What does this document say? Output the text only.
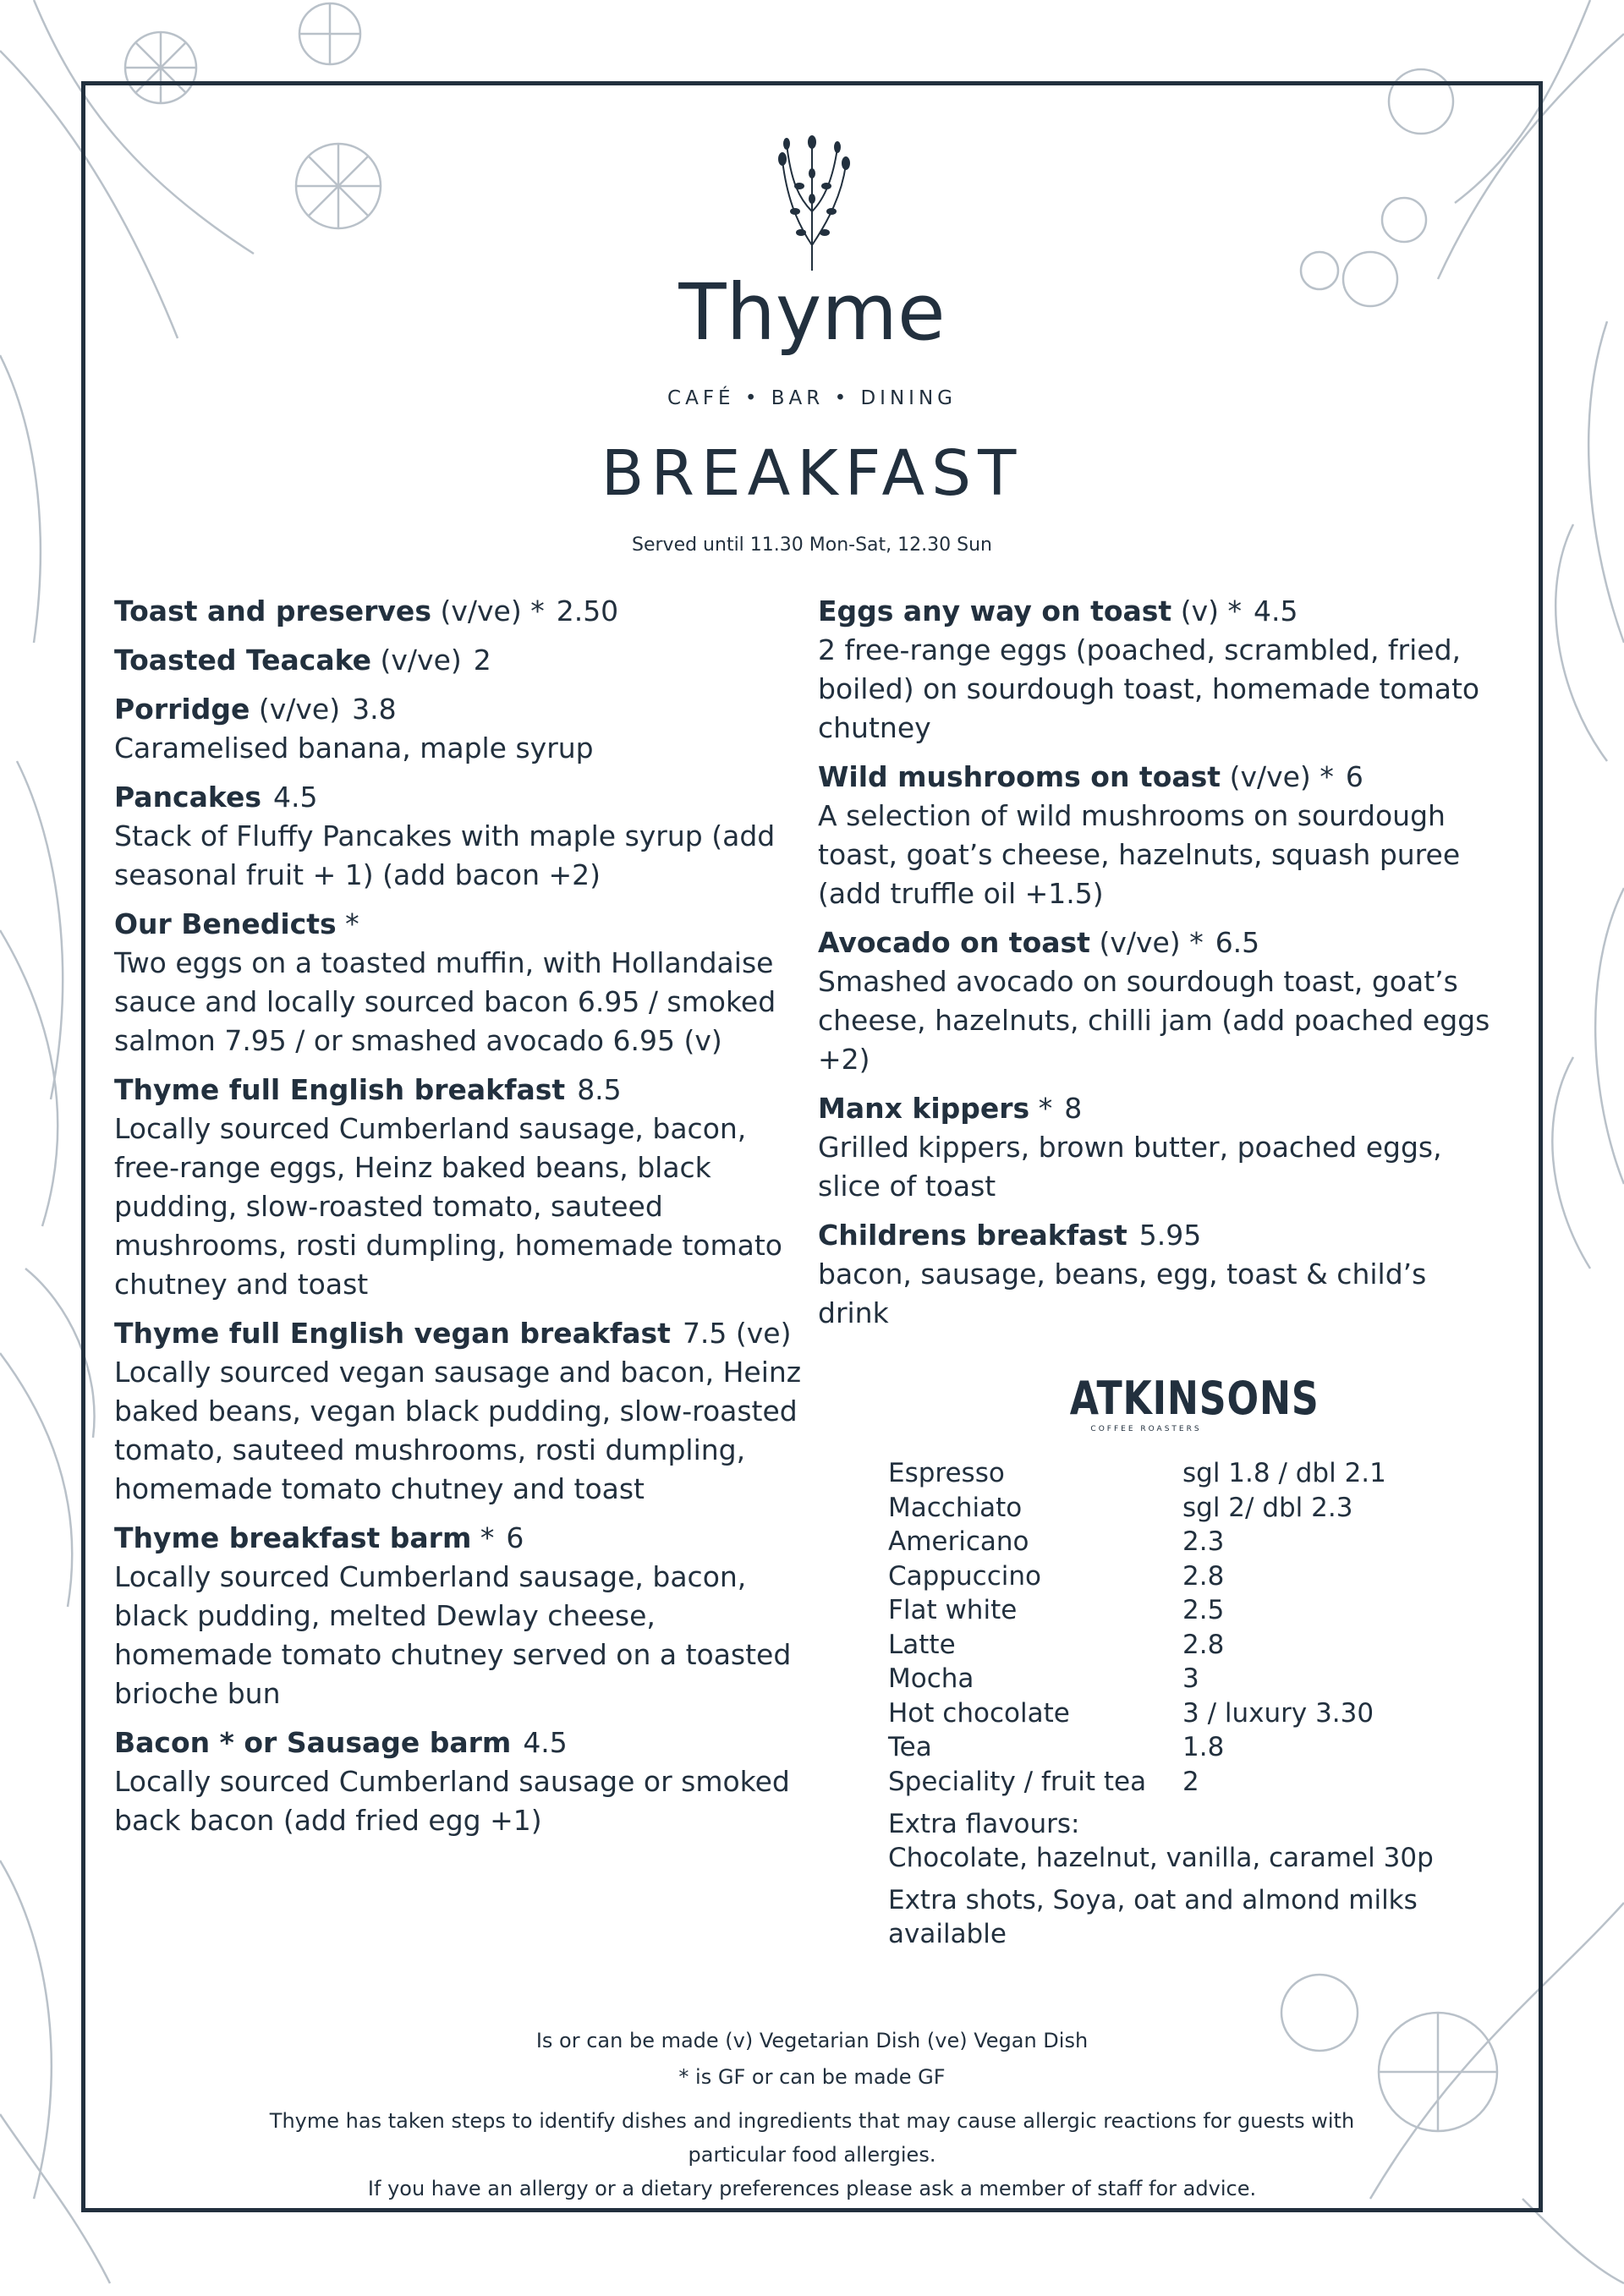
Thyme
CAFÉ • BAR • DINING
BREAKFAST
Served until 11.30 Mon-Sat, 12.30 Sun
Toast and preserves (v/ve) * 2.50
Toasted Teacake (v/ve) 2
Porridge (v/ve) 3.8
Caramelised banana, maple syrup
Pancakes 4.5
Stack of Fluffy Pancakes with maple syrup (add seasonal fruit + 1) (add bacon +2)
Our Benedicts *
Two eggs on a toasted muffin, with Hollandaise sauce and locally sourced bacon 6.95 / smoked salmon 7.95 / or smashed avocado 6.95 (v)
Thyme full English breakfast 8.5
Locally sourced Cumberland sausage, bacon, free-range eggs, Heinz baked beans, black pudding, slow-roasted tomato, sauteed mushrooms, rosti dumpling, homemade tomato chutney and toast
Thyme full English vegan breakfast 7.5 (ve)
Locally sourced vegan sausage and bacon, Heinz baked beans, vegan black pudding, slow-roasted tomato, sauteed mushrooms, rosti dumpling, homemade tomato chutney and toast
Thyme breakfast barm * 6
Locally sourced Cumberland sausage, bacon, black pudding, melted Dewlay cheese, homemade tomato chutney served on a toasted brioche bun
Bacon * or Sausage barm 4.5
Locally sourced Cumberland sausage or smoked back bacon (add fried egg +1)
Eggs any way on toast (v) * 4.5
2 free-range eggs (poached, scrambled, fried, boiled) on sourdough toast, homemade tomato chutney
Wild mushrooms on toast (v/ve) * 6
A selection of wild mushrooms on sourdough toast, goat’s cheese, hazelnuts, squash puree (add truffle oil +1.5)
Avocado on toast (v/ve) * 6.5
Smashed avocado on sourdough toast, goat’s cheese, hazelnuts, chilli jam (add poached eggs +2)
Manx kippers * 8
Grilled kippers, brown butter, poached eggs, slice of toast
Childrens breakfast 5.95
bacon, sausage, beans, egg, toast & child’s drink
ATKINSONS
COFFEE ROASTERS
Espresso	sgl 1.8 / dbl 2.1
Macchiato	sgl 2/ dbl 2.3
Americano	2.3
Cappuccino	2.8
Flat white	2.5
Latte	2.8
Mocha	3
Hot chocolate	3 / luxury 3.30
Tea	1.8
Speciality / fruit tea	2
Extra flavours:
Chocolate, hazelnut, vanilla, caramel 30p
Extra shots, Soya, oat and almond milks available
Is or can be made (v) Vegetarian Dish (ve) Vegan Dish
* is GF or can be made GF
Thyme has taken steps to identify dishes and ingredients that may cause allergic reactions for guests with particular food allergies.
If you have an allergy or a dietary preferences please ask a member of staff for advice.
